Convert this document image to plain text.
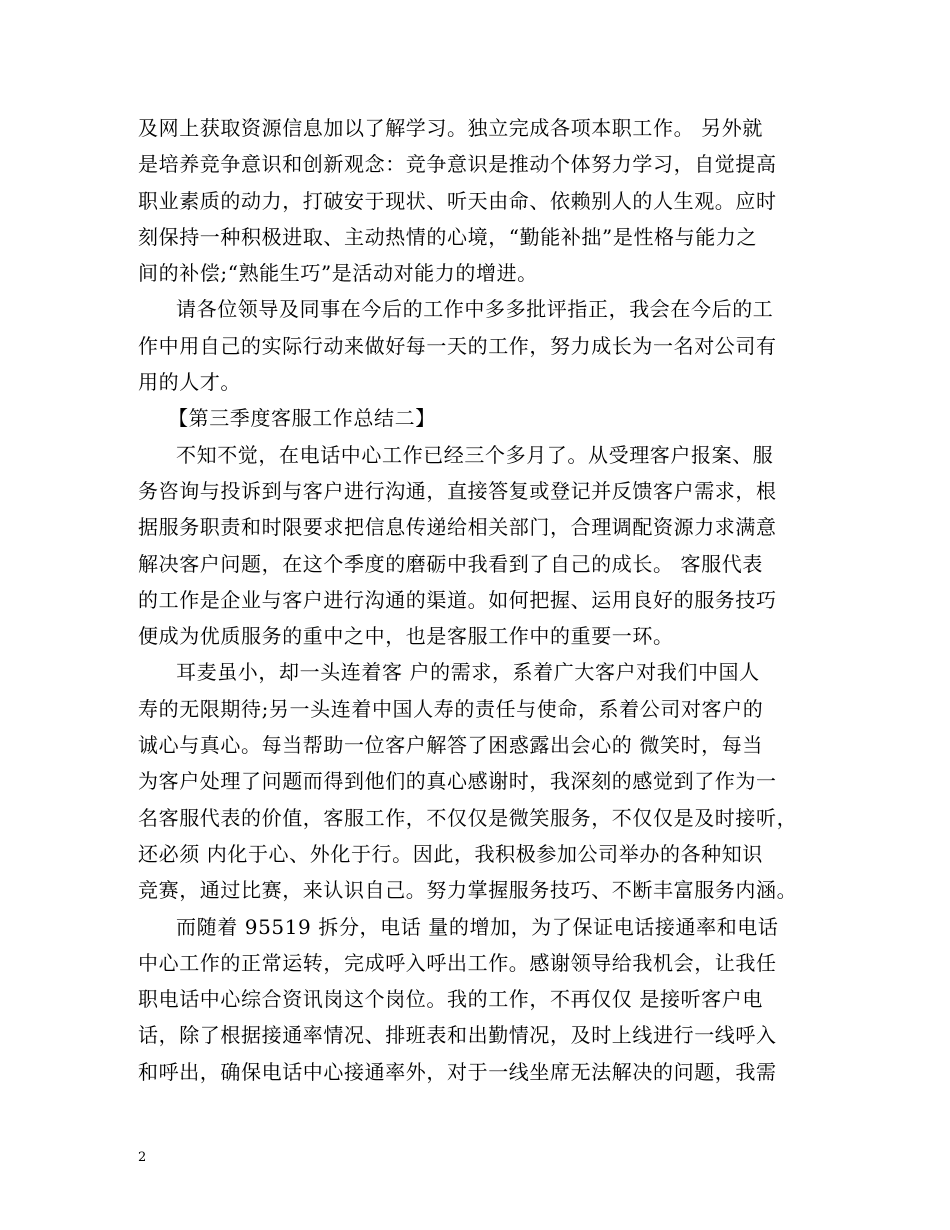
及网上获取资源信息加以了解学习。独立完成各项本职工作。 另外就
是培养竞争意识和创新观念：竞争意识是推动个体努力学习，自觉提高
职业素质的动力，打破安于现状、听天由命、依赖别人的人生观。应时
刻保持一种积极进取、主动热情的心境，“勤能补拙”是性格与能力之
间的补偿;“熟能生巧”是活动对能力的增进。
请各位领导及同事在今后的工作中多多批评指正，我会在今后的工
作中用自己的实际行动来做好每一天的工作，努力成长为一名对公司有
用的人才。
【第三季度客服工作总结二】
不知不觉，在电话中心工作已经三个多月了。从受理客户报案、服
务咨询与投诉到与客户进行沟通，直接答复或登记并反馈客户需求，根
据服务职责和时限要求把信息传递给相关部门，合理调配资源力求满意
解决客户问题，在这个季度的磨砺中我看到了自己的成长。 客服代表
的工作是企业与客户进行沟通的渠道。如何把握、运用良好的服务技巧
便成为优质服务的重中之中，也是客服工作中的重要一环。
耳麦虽小，却一头连着客 户的需求，系着广大客户对我们中国人
寿的无限期待;另一头连着中国人寿的责任与使命，系着公司对客户的
诚心与真心。每当帮助一位客户解答了困惑露出会心的 微笑时，每当
为客户处理了问题而得到他们的真心感谢时，我深刻的感觉到了作为一
名客服代表的价值，客服工作，不仅仅是微笑服务，不仅仅是及时接听，
还必须 内化于心、外化于行。因此，我积极参加公司举办的各种知识
竞赛，通过比赛，来认识自己。努力掌握服务技巧、不断丰富服务内涵。
而随着 95519 拆分，电话 量的增加，为了保证电话接通率和电话
中心工作的正常运转，完成呼入呼出工作。感谢领导给我机会，让我任
职电话中心综合资讯岗这个岗位。我的工作，不再仅仅 是接听客户电
话，除了根据接通率情况、排班表和出勤情况，及时上线进行一线呼入
和呼出，确保电话中心接通率外，对于一线坐席无法解决的问题，我需
2
